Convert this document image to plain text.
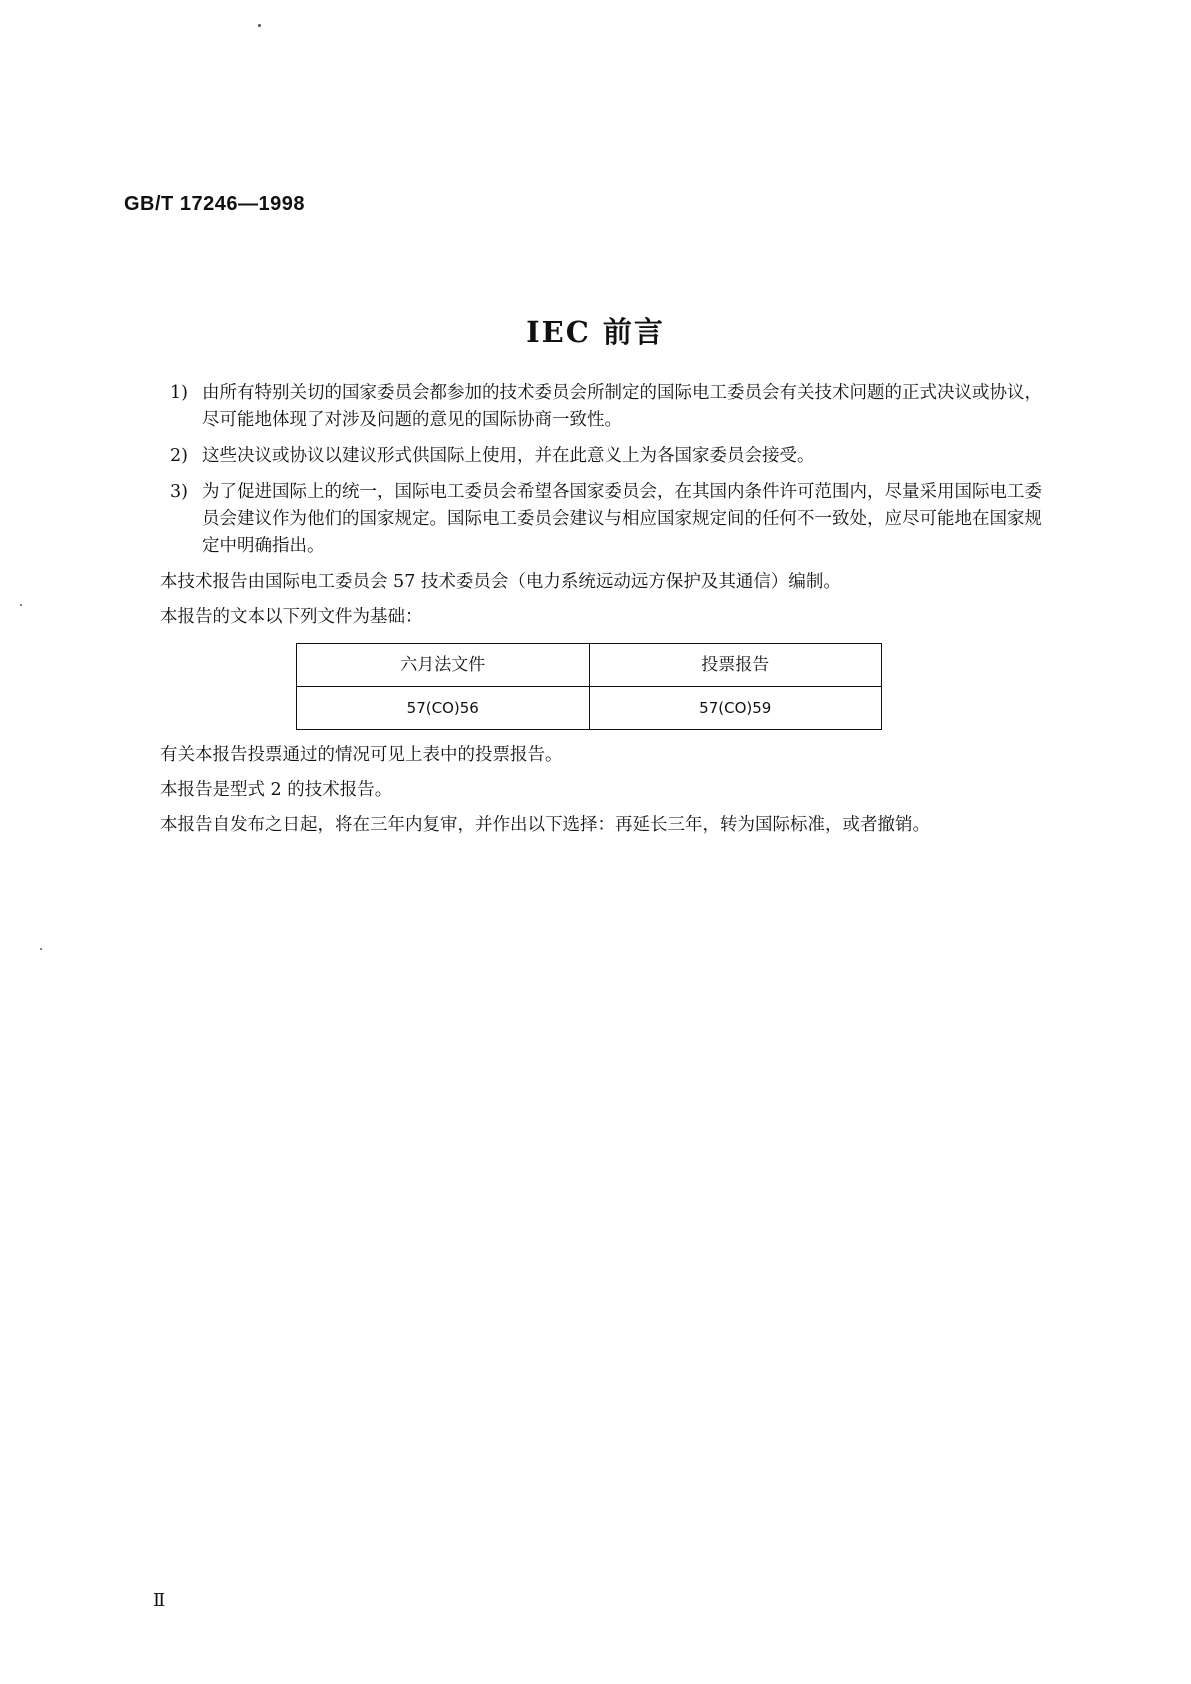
GB/T 17246—1998
IEC 前言
1) 由所有特别关切的国家委员会都参加的技术委员会所制定的国际电工委员会有关技术问题的正式决议或协议，尽可能地体现了对涉及问题的意见的国际协商一致性。
2) 这些决议或协议以建议形式供国际上使用，并在此意义上为各国家委员会接受。
3) 为了促进国际上的统一，国际电工委员会希望各国家委员会，在其国内条件许可范围内，尽量采用国际电工委员会建议作为他们的国家规定。国际电工委员会建议与相应国家规定间的任何不一致处，应尽可能地在国家规定中明确指出。
本技术报告由国际电工委员会 57 技术委员会（电力系统远动远方保护及其通信）编制。
本报告的文本以下列文件为基础：
六月法文件	投票报告
57(CO)56	57(CO)59
有关本报告投票通过的情况可见上表中的投票报告。
本报告是型式 2 的技术报告。
本报告自发布之日起，将在三年内复审，并作出以下选择：再延长三年，转为国际标准，或者撤销。
Ⅱ
